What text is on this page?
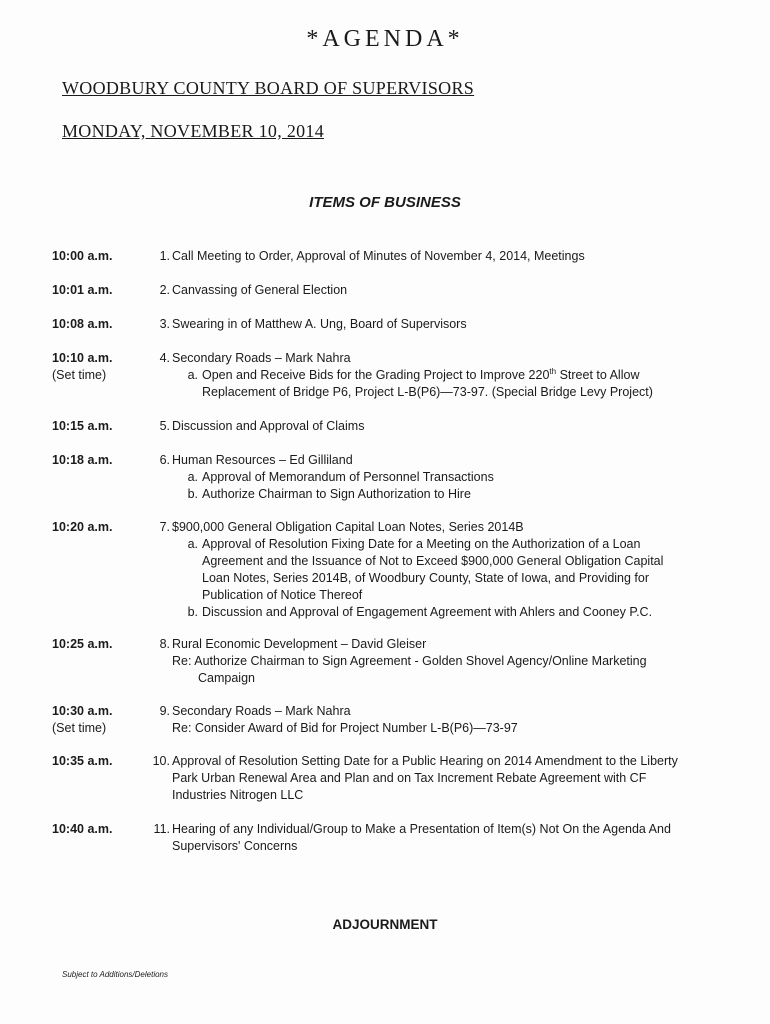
*AGENDA*
WOODBURY COUNTY BOARD OF SUPERVISORS
MONDAY, NOVEMBER 10, 2014
ITEMS OF BUSINESS
10:00 a.m.	1. Call Meeting to Order, Approval of Minutes of November 4, 2014, Meetings
10:01 a.m.	2. Canvassing of General Election
10:08 a.m.	3. Swearing in of Matthew A. Ung, Board of Supervisors
10:10 a.m.
(Set time)
4. Secondary Roads – Mark Nahra
a. Open and Receive Bids for the Grading Project to Improve 220th Street to Allow
Replacement of Bridge P6, Project L-B(P6)—73-97. (Special Bridge Levy Project)
10:15 a.m.	5. Discussion and Approval of Claims
10:18 a.m.	6. Human Resources – Ed Gilliland
a. Approval of Memorandum of Personnel Transactions
b. Authorize Chairman to Sign Authorization to Hire
10:20 a.m.	7. $900,000 General Obligation Capital Loan Notes, Series 2014B
a. Approval of Resolution Fixing Date for a Meeting on the Authorization of a Loan
Agreement and the Issuance of Not to Exceed $900,000 General Obligation Capital
Loan Notes, Series 2014B, of Woodbury County, State of Iowa, and Providing for
Publication of Notice Thereof
b. Discussion and Approval of Engagement Agreement with Ahlers and Cooney P.C.
10:25 a.m.	8. Rural Economic Development – David Gleiser
Re: Authorize Chairman to Sign Agreement - Golden Shovel Agency/Online Marketing
Campaign
10:30 a.m.
(Set time)
9. Secondary Roads – Mark Nahra
Re: Consider Award of Bid for Project Number L-B(P6)—73-97
10:35 a.m.	10. Approval of Resolution Setting Date for a Public Hearing on 2014 Amendment to the Liberty
Park Urban Renewal Area and Plan and on Tax Increment Rebate Agreement with CF
Industries Nitrogen LLC
10:40 a.m.	11. Hearing of any Individual/Group to Make a Presentation of Item(s) Not On the Agenda And
Supervisors' Concerns
ADJOURNMENT
Subject to Additions/Deletions
